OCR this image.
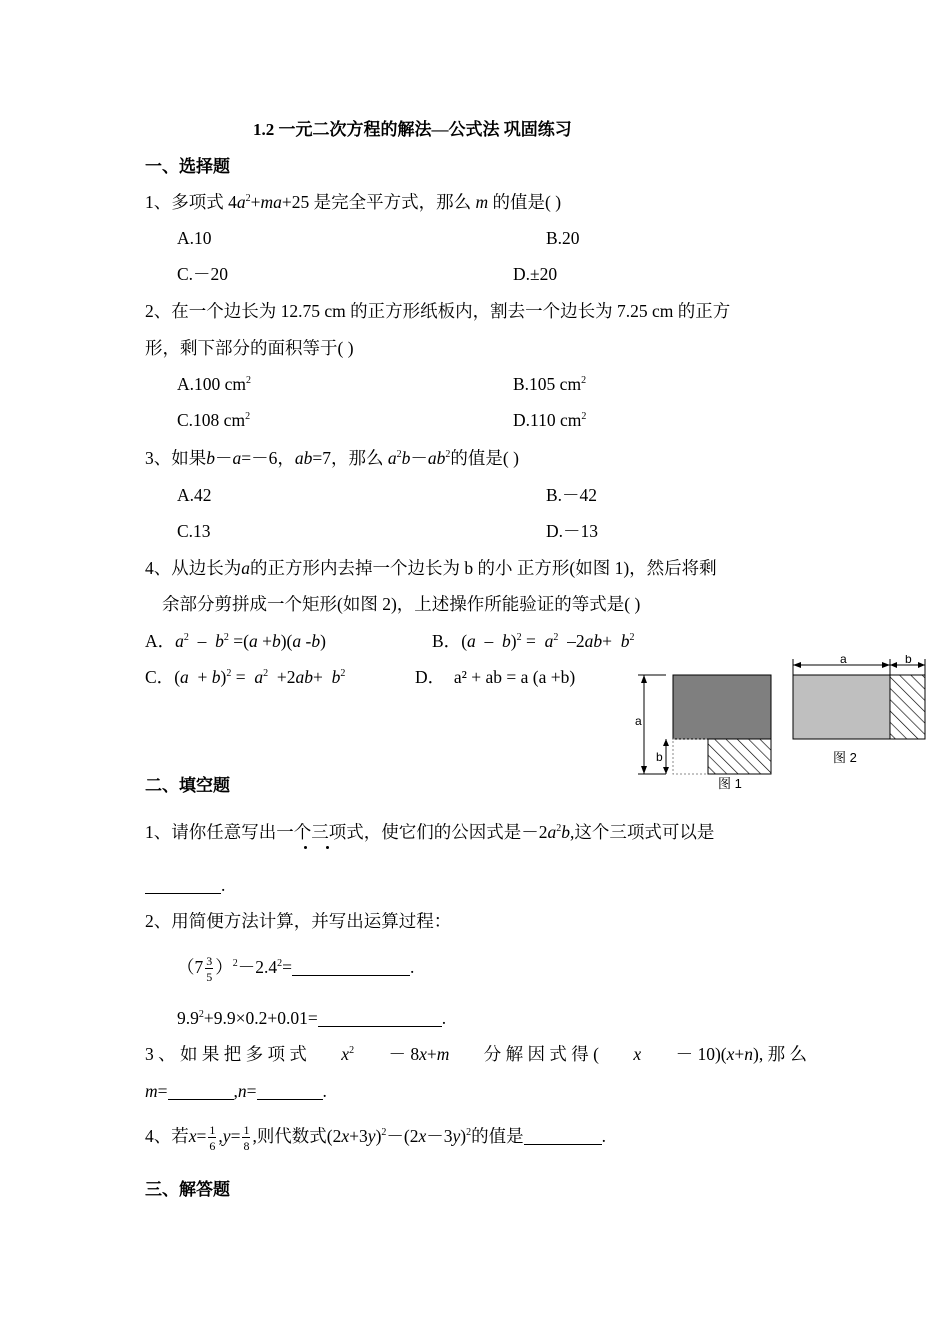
1.2 一元二次方程的解法—公式法 巩固练习
一、选择题
1、多项式 $4a^2+ma+25$ 是完全平方式，那么 m 的值是( )
A.10	B.20
C.－20	D.±20
2、在一个边长为 12.75 cm 的正方形纸板内，割去一个边长为 7.25 cm 的正方
形，剩下部分的面积等于( )
A.100 $cm^2$	B.105 $cm^2$
C.108 $cm^2$	D.110 $cm^2$
3、如果b－a=－6，ab=7，那么 $a^2b-ab^2$的值是( )
A.42	B.－42
C.13	D.－13
4、从边长为a的正方形内去掉一个边长为 b 的小 正方形(如图 1)，然后将剩
余部分剪拼成一个矩形(如图 2)，上述操作所能验证的等式是( )
A．$a^2 - b^2 =(a +b)(a$ -b)	B．$(a - b)^2 = a^2$  $-2ab+ b^2$
C．$(a + b)^2 = a^2 +2ab+ b^2$	D． a² + ab = a (a +b)
a
b
图 1
a	b
图 2
二、填空题
1、请你任意写出一个三项式，使它们的公因式是$-2a^2b$,这个三项式可以是
.
2、用简便方法计算，并写出运算过程：
$(7 \frac{3}{5} )^2-2.4^2=$	.
$9.9^2+9.9\times 0.2+0.01=$	.
3 、 如 果 把 多 项 式 $x^2 - 8x+m$ 分 解 因 式 得 ( x － 10)(x+n), 那 么
m=	,n=	.
4、若$x= \frac{1}{6} ,y= \frac{1}{8}$ ,则代数式$(2x+3y)^2-(2x-3y)^2$的值是	.
三、解答题
